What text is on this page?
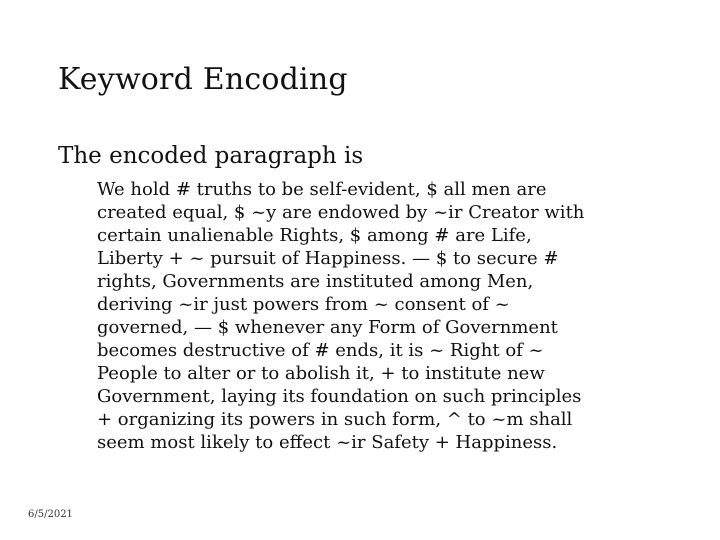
Keyword Encoding
The encoded paragraph is
We hold # truths to be self-evident, $ all men are
created equal, $ ~y are endowed by ~ir Creator with
certain unalienable Rights, $ among # are Life,
Liberty + ~ pursuit of Happiness. — $ to secure #
rights, Governments are instituted among Men,
deriving ~ir just powers from ~ consent of ~
governed, — $ whenever any Form of Government
becomes destructive of # ends, it is ~ Right of ~
People to alter or to abolish it, + to institute new
Government, laying its foundation on such principles
+ organizing its powers in such form, ^ to ~m shall
seem most likely to effect ~ir Safety + Happiness.
6/5/2021
